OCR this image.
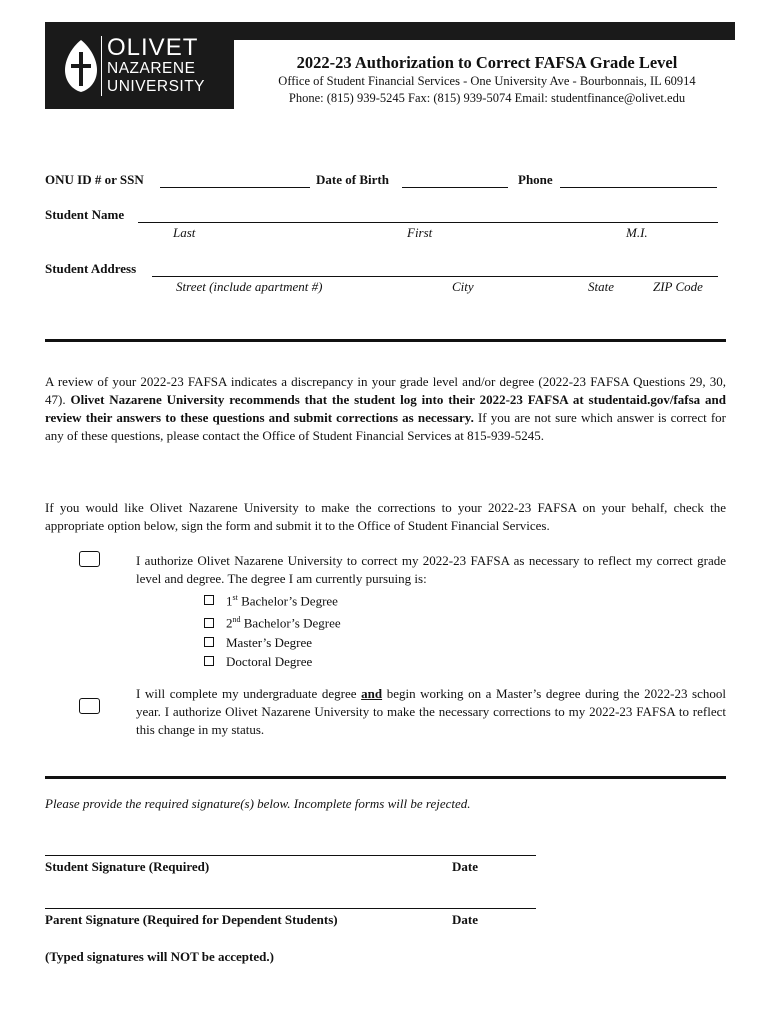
OLIVET
NAZARENE
UNIVERSITY
2022-23 Authorization to Correct FAFSA Grade Level
Office of Student Financial Services - One University Ave - Bourbonnais, IL 60914
Phone: (815) 939-5245 Fax: (815) 939-5074 Email: studentfinance@olivet.edu
ONU ID # or SSN	Date of Birth	Phone
Student Name
Last	First	M.I.
Student Address
Street (include apartment #)	City	State	ZIP Code
A review of your 2022-23 FAFSA indicates a discrepancy in your grade level and/or degree (2022-23 FAFSA Questions 29, 30, 47). Olivet Nazarene University recommends that the student log into their 2022-23 FAFSA at studentaid.gov/fafsa and review their answers to these questions and submit corrections as necessary. If you are not sure which answer is correct for any of these questions, please contact the Office of Student Financial Services at 815-939-5245.
If you would like Olivet Nazarene University to make the corrections to your 2022-23 FAFSA on your behalf, check the appropriate option below, sign the form and submit it to the Office of Student Financial Services.
I authorize Olivet Nazarene University to correct my 2022-23 FAFSA as necessary to reflect my correct grade level and degree. The degree I am currently pursuing is:
1st Bachelor’s Degree
2nd Bachelor’s Degree
Master’s Degree
Doctoral Degree
I will complete my undergraduate degree and begin working on a Master’s degree during the 2022-23 school year. I authorize Olivet Nazarene University to make the necessary corrections to my 2022-23 FAFSA to reflect this change in my status.
Please provide the required signature(s) below. Incomplete forms will be rejected.
Student Signature (Required)	Date
Parent Signature (Required for Dependent Students)	Date
(Typed signatures will NOT be accepted.)
